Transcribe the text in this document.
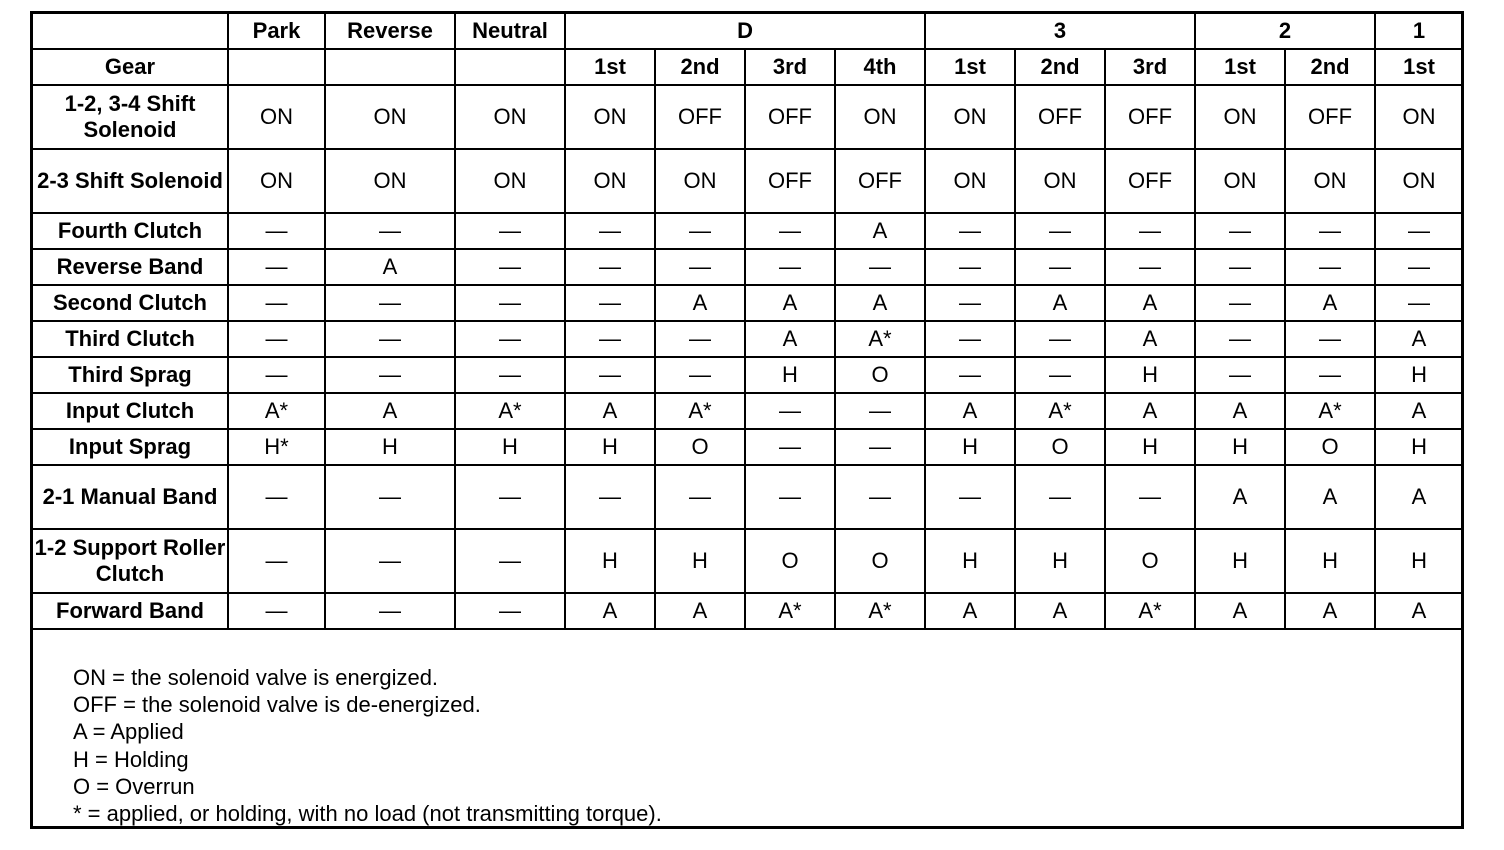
	Park	Reverse	Neutral	D				3			2		1
Gear				1st	2nd	3rd	4th	1st	2nd	3rd	1st	2nd	1st
1-2, 3-4 Shift Solenoid	ON	ON	ON	ON	OFF	OFF	ON	ON	OFF	OFF	ON	OFF	ON
2-3 Shift Solenoid	ON	ON	ON	ON	ON	OFF	OFF	ON	ON	OFF	ON	ON	ON
Fourth Clutch	—	—	—	—	—	—	A	—	—	—	—	—	—
Reverse Band	—	A	—	—	—	—	—	—	—	—	—	—	—
Second Clutch	—	—	—	—	A	A	A	—	A	A	—	A	—
Third Clutch	—	—	—	—	—	A	A*	—	—	A	—	—	A
Third Sprag	—	—	—	—	—	H	O	—	—	H	—	—	H
Input Clutch	A*	A	A*	A	A*	—	—	A	A*	A	A	A*	A
Input Sprag	H*	H	H	H	O	—	—	H	O	H	H	O	H
2-1 Manual Band	—	—	—	—	—	—	—	—	—	—	A	A	A
1-2 Support Roller Clutch	—	—	—	H	H	O	O	H	H	O	H	H	H
Forward Band	—	—	—	A	A	A*	A*	A	A	A*	A	A	A
ON = the solenoid valve is energized.
OFF = the solenoid valve is de-energized.
A = Applied
H = Holding
O = Overrun
* = applied, or holding, with no load (not transmitting torque).
